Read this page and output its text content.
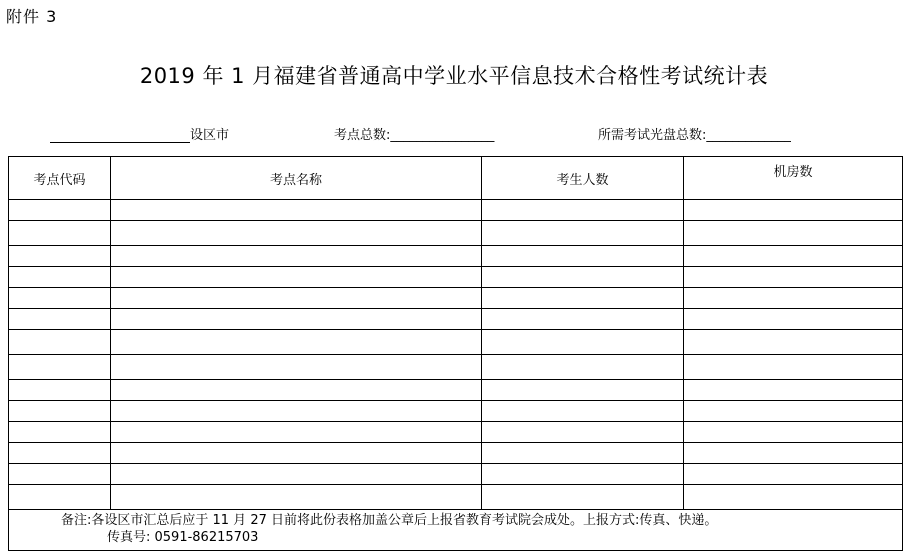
附件 3
2019 年 1 月福建省普通高中学业水平信息技术合格性考试统计表
设区市	考点总数:________________	所需考试光盘总数:_____________
考点代码	考点名称	考生人数	机房数

备注:各设区市汇总后应于 11 月 27 日前将此份表格加盖公章后上报省教育考试院会成处。上报方式:传真、快递。
传真号: 0591-86215703			
